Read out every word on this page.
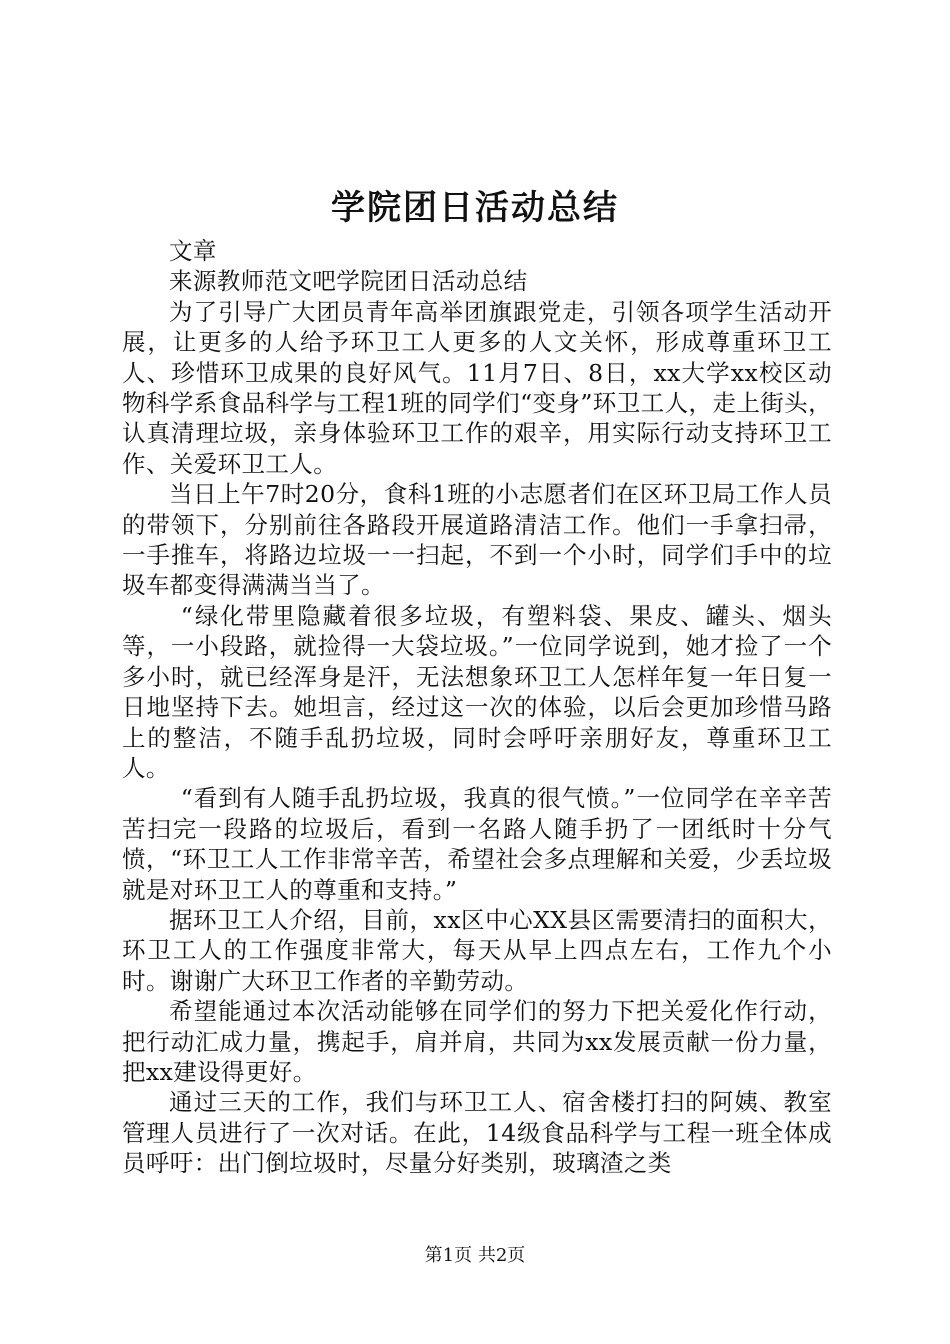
学院团日活动总结

文章

来源教师范文吧学院团日活动总结

为了引导广大团员青年高举团旗跟党走，引领各项学生活动开展，让更多的人给予环卫工人更多的人文关怀，形成尊重环卫工人、珍惜环卫成果的良好风气。11月7日、8日，xx大学xx校区动物科学系食品科学与工程1班的同学们“变身”环卫工人，走上街头，认真清理垃圾，亲身体验环卫工作的艰辛，用实际行动支持环卫工作、关爱环卫工人。

当日上午7时20分，食科1班的小志愿者们在区环卫局工作人员的带领下，分别前往各路段开展道路清洁工作。他们一手拿扫帚，一手推车，将路边垃圾一一扫起，不到一个小时，同学们手中的垃圾车都变得满满当当了。

“绿化带里隐藏着很多垃圾，有塑料袋、果皮、罐头、烟头等，一小段路，就捡得一大袋垃圾。”一位同学说到，她才捡了一个多小时，就已经浑身是汗，无法想象环卫工人怎样年复一年日复一日地坚持下去。她坦言，经过这一次的体验，以后会更加珍惜马路上的整洁，不随手乱扔垃圾，同时会呼吁亲朋好友，尊重环卫工人。

“看到有人随手乱扔垃圾，我真的很气愤。”一位同学在辛辛苦苦扫完一段路的垃圾后，看到一名路人随手扔了一团纸时十分气愤，“环卫工人工作非常辛苦，希望社会多点理解和关爱，少丢垃圾就是对环卫工人的尊重和支持。”

据环卫工人介绍，目前，xx区中心XX县区需要清扫的面积大，环卫工人的工作强度非常大，每天从早上四点左右，工作九个小时。谢谢广大环卫工作者的辛勤劳动。

希望能通过本次活动能够在同学们的努力下把关爱化作行动，把行动汇成力量，携起手，肩并肩，共同为xx发展贡献一份力量，把xx建设得更好。

通过三天的工作，我们与环卫工人、宿舍楼打扫的阿姨、教室管理人员进行了一次对话。在此，14级食品科学与工程一班全体成员呼吁：出门倒垃圾时，尽量分好类别，玻璃渣之类

第1页 共2页
